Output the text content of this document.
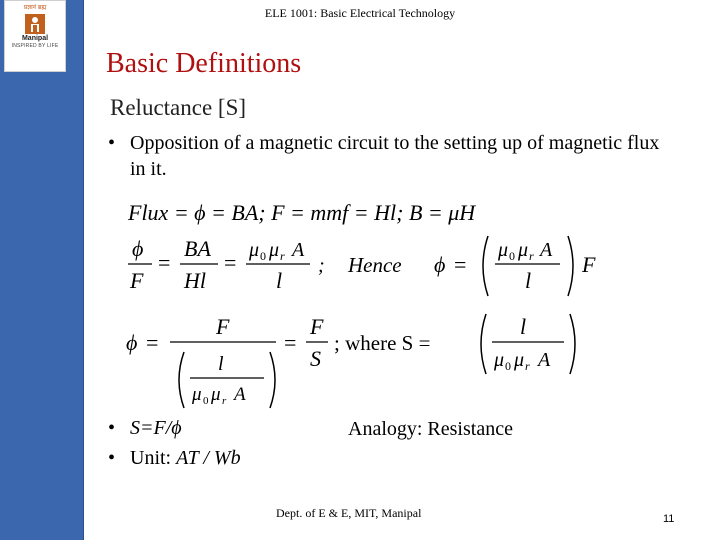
प्रज्ञानं ब्रह्म
Manipal
INSPIRED BY LIFE
ELE 1001: Basic Electrical Technology
Basic Definitions
Reluctance [S]
• Opposition of a magnetic circuit to the setting up of magnetic flux in it.
Flux = ϕ = BA; F = mmf = Hl; B = μH
ϕ
F
=
BA
Hl
= μ 0 μ r A
l
; Hence ϕ =
μ 0 μ r A
l
F
ϕ =
F
l
μ 0 μ r A
=
F
S
; where S =
l
μ 0 μ r A
• S=F/ϕ
• Unit: AT / Wb
Analogy: Resistance
Dept. of E & E, MIT, Manipal	11
